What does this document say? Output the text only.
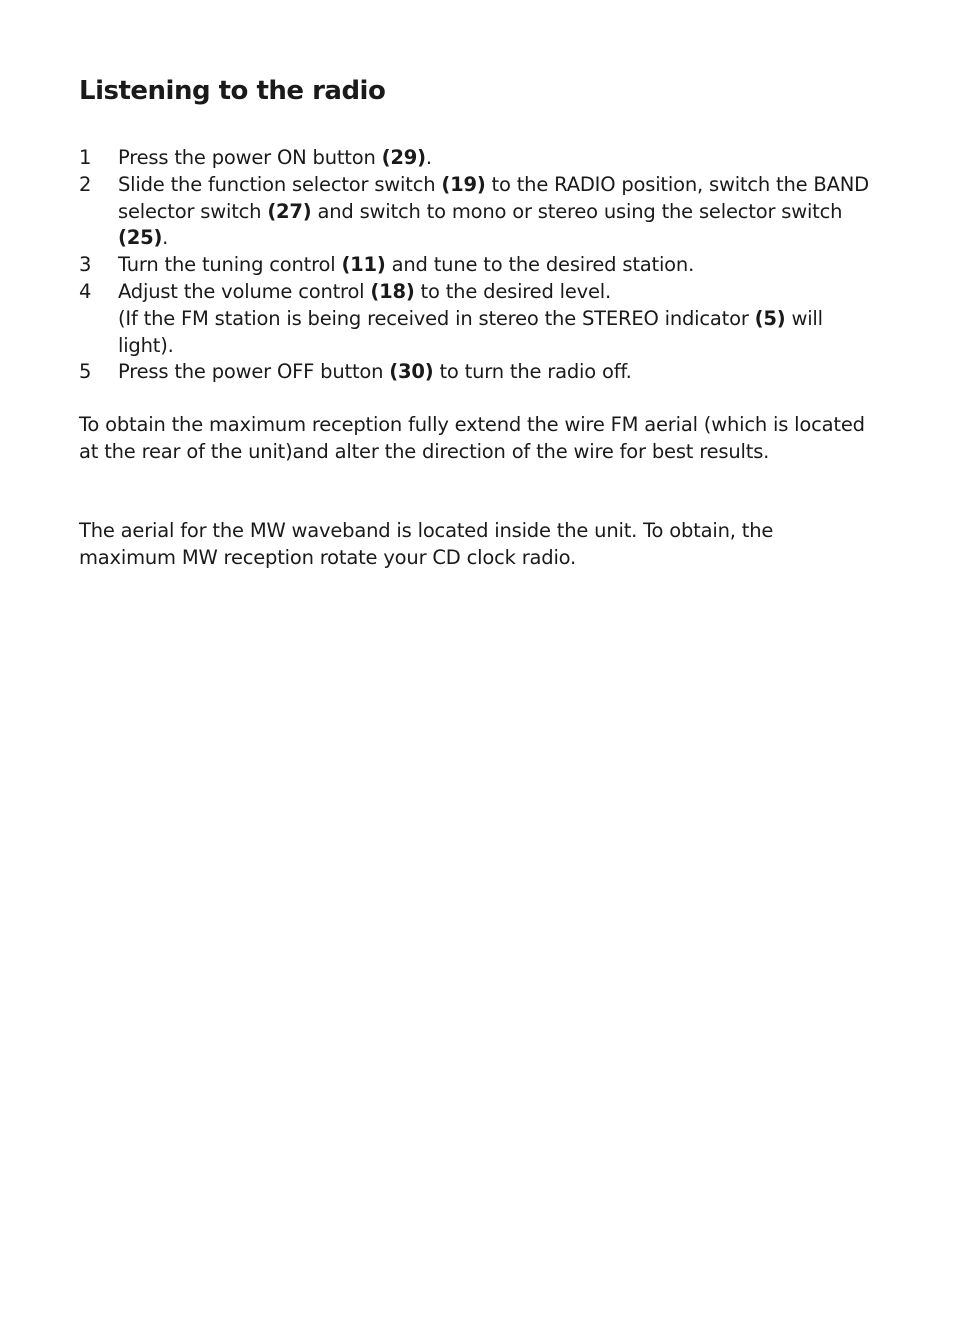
Listening to the radio
1 Press the power ON button (29).
2 Slide the function selector switch (19) to the RADIO position, switch the BAND selector switch (27) and switch to mono or stereo using the selector switch (25).
3 Turn the tuning control (11) and tune to the desired station.
4 Adjust the volume control (18) to the desired level.
(If the FM station is being received in stereo the STEREO indicator (5) will light).
5 Press the power OFF button (30) to turn the radio off.

To obtain the maximum reception fully extend the wire FM aerial (which is located at the rear of the unit)and alter the direction of the wire for best results.

The aerial for the MW waveband is located inside the unit. To obtain, the maximum MW reception rotate your CD clock radio.
